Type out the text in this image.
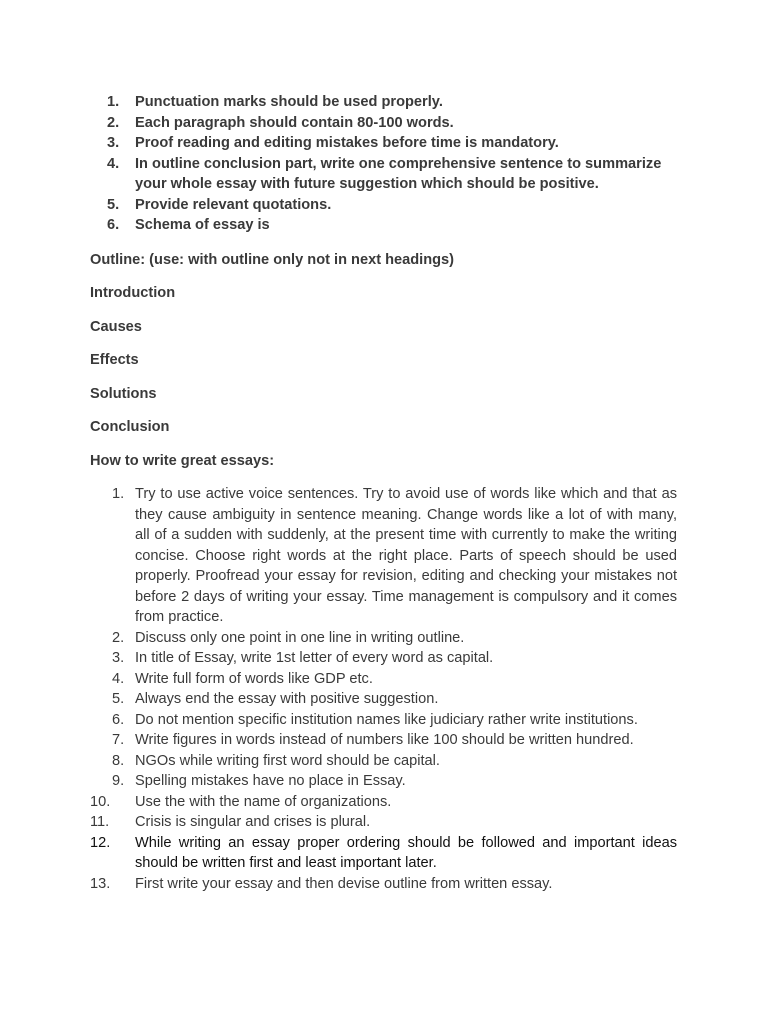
1. Punctuation marks should be used properly.
2. Each paragraph should contain 80-100 words.
3. Proof reading and editing mistakes before time is mandatory.
4. In outline conclusion part, write one comprehensive sentence to summarize your whole essay with future suggestion which should be positive.
5. Provide relevant quotations.
6. Schema of essay is

Outline: (use: with outline only not in next headings)

Introduction

Causes

Effects

Solutions

Conclusion

How to write great essays:

1. Try to use active voice sentences. Try to avoid use of words like which and that as they cause ambiguity in sentence meaning. Change words like a lot of with many, all of a sudden with suddenly, at the present time with currently to make the writing concise. Choose right words at the right place. Parts of speech should be used properly. Proofread your essay for revision, editing and checking your mistakes not before 2 days of writing your essay. Time management is compulsory and it comes from practice.
2. Discuss only one point in one line in writing outline.
3. In title of Essay, write 1st letter of every word as capital.
4. Write full form of words like GDP etc.
5. Always end the essay with positive suggestion.
6. Do not mention specific institution names like judiciary rather write institutions.
7. Write figures in words instead of numbers like 100 should be written hundred.
8. NGOs while writing first word should be capital.
9. Spelling mistakes have no place in Essay.
10. Use the with the name of organizations.
11. Crisis is singular and crises is plural.
12. While writing an essay proper ordering should be followed and important ideas should be written first and least important later.
13. First write your essay and then devise outline from written essay.
